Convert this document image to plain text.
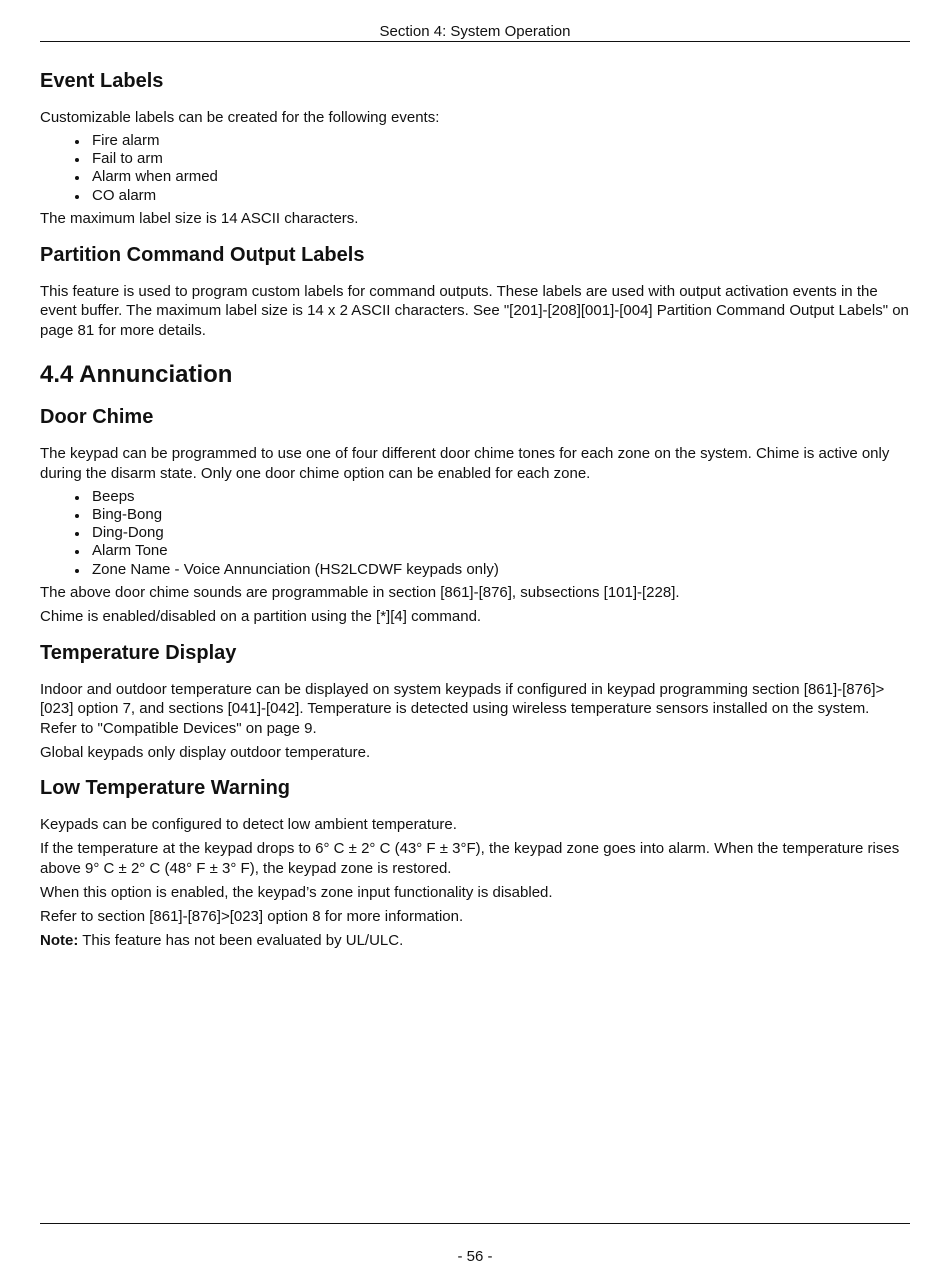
Section 4: System Operation
Event Labels

Customizable labels can be created for the following events:

Fire alarm
Fail to arm
Alarm when armed
CO alarm

The maximum label size is 14 ASCII characters.

Partition Command Output Labels

This feature is used to program custom labels for command outputs. These labels are used with output activation events in the event buffer. The maximum label size is 14 x 2 ASCII characters. See "[201]-[208][001]-[004] Partition Command Output Labels" on page 81 for more details.

4.4 Annunciation
Door Chime

The keypad can be programmed to use one of four different door chime tones for each zone on the system. Chime is active only during the disarm state. Only one door chime option can be enabled for each zone.

Beeps
Bing-Bong
Ding-Dong
Alarm Tone
Zone Name - Voice Annunciation (HS2LCDWF keypads only)

The above door chime sounds are programmable in section [861]-[876], subsections [101]-[228].

Chime is enabled/disabled on a partition using the [*][4] command.

Temperature Display

Indoor and outdoor temperature can be displayed on system keypads if configured in keypad programming section [861]-[876]>[023] option 7, and sections [041]-[042]. Temperature is detected using wireless temperature sensors installed on the system. Refer to "Compatible Devices" on page 9.

Global keypads only display outdoor temperature.

Low Temperature Warning

Keypads can be configured to detect low ambient temperature.

If the temperature at the keypad drops to 6° C ± 2° C (43° F ± 3°F), the keypad zone goes into alarm. When the temperature rises above 9° C ± 2° C (48° F ± 3° F), the keypad zone is restored.

When this option is enabled, the keypad’s zone input functionality is disabled.

Refer to section [861]-[876]>[023] option 8 for more information.

Note: This feature has not been evaluated by UL/ULC.

- 56 -
